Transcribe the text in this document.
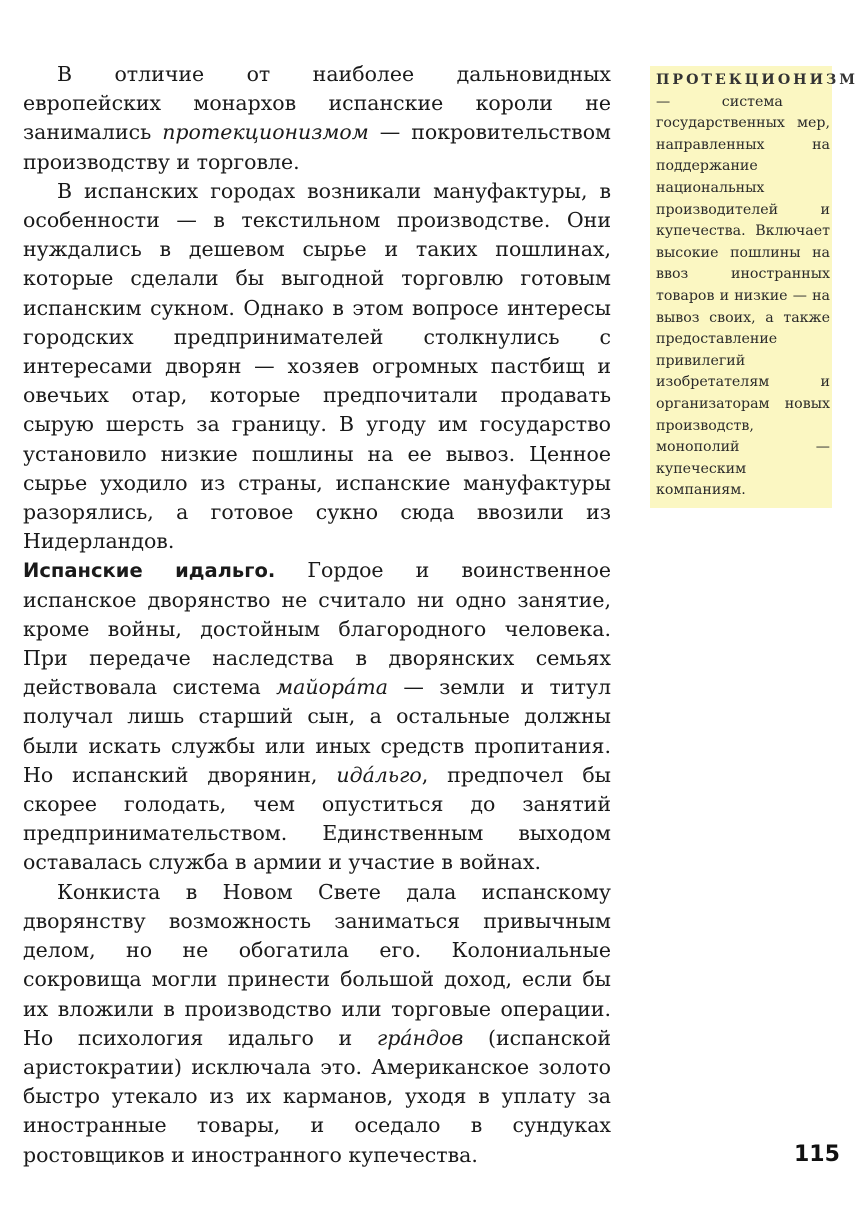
В отличие от наиболее дальновидных европейских монархов испанские короли не занимались протекционизмом — покровительством производству и торговле.

В испанских городах возникали мануфактуры, в особенности — в текстильном производстве. Они нуждались в дешевом сырье и таких пошлинах, которые сделали бы выгодной торговлю готовым испанским сукном. Однако в этом вопросе интересы городских предпринимателей столкнулись с интересами дворян — хозяев огромных пастбищ и овечьих отар, которые предпочитали продавать сырую шерсть за границу. В угоду им государство установило низкие пошлины на ее вывоз. Ценное сырье уходило из страны, испанские мануфактуры разорялись, а готовое сукно сюда ввозили из Нидерландов.

Испанские идальго. Гордое и воинственное испанское дворянство не считало ни одно занятие, кроме войны, достойным благородного человека. При передаче наследства в дворянских семьях действовала система майора́та — земли и титул получал лишь старший сын, а остальные должны были искать службы или иных средств пропитания. Но испанский дворянин, ида́льго, предпочел бы скорее голодать, чем опуститься до занятий предпринимательством. Единственным выходом оставалась служба в армии и участие в войнах.

Конкиста в Новом Свете дала испанскому дворянству возможность заниматься привычным делом, но не обогатила его. Колониальные сокровища могли принести большой доход, если бы их вложили в производство или торговые операции. Но психология идальго и гра́ндов (испанской аристократии) исключала это. Американское золото быстро утекало из их карманов, уходя в уплату за иностранные товары, и оседало в сундуках ростовщиков и иностранного купечества.

ПРОТЕКЦИОНИЗМ — система государственных мер, направленных на поддержание национальных производителей и купечества. Включает высокие пошлины на ввоз иностранных товаров и низкие — на вывоз своих, а также предоставление привилегий изобретателям и организаторам новых производств, монополий — купеческим компаниям.
115
